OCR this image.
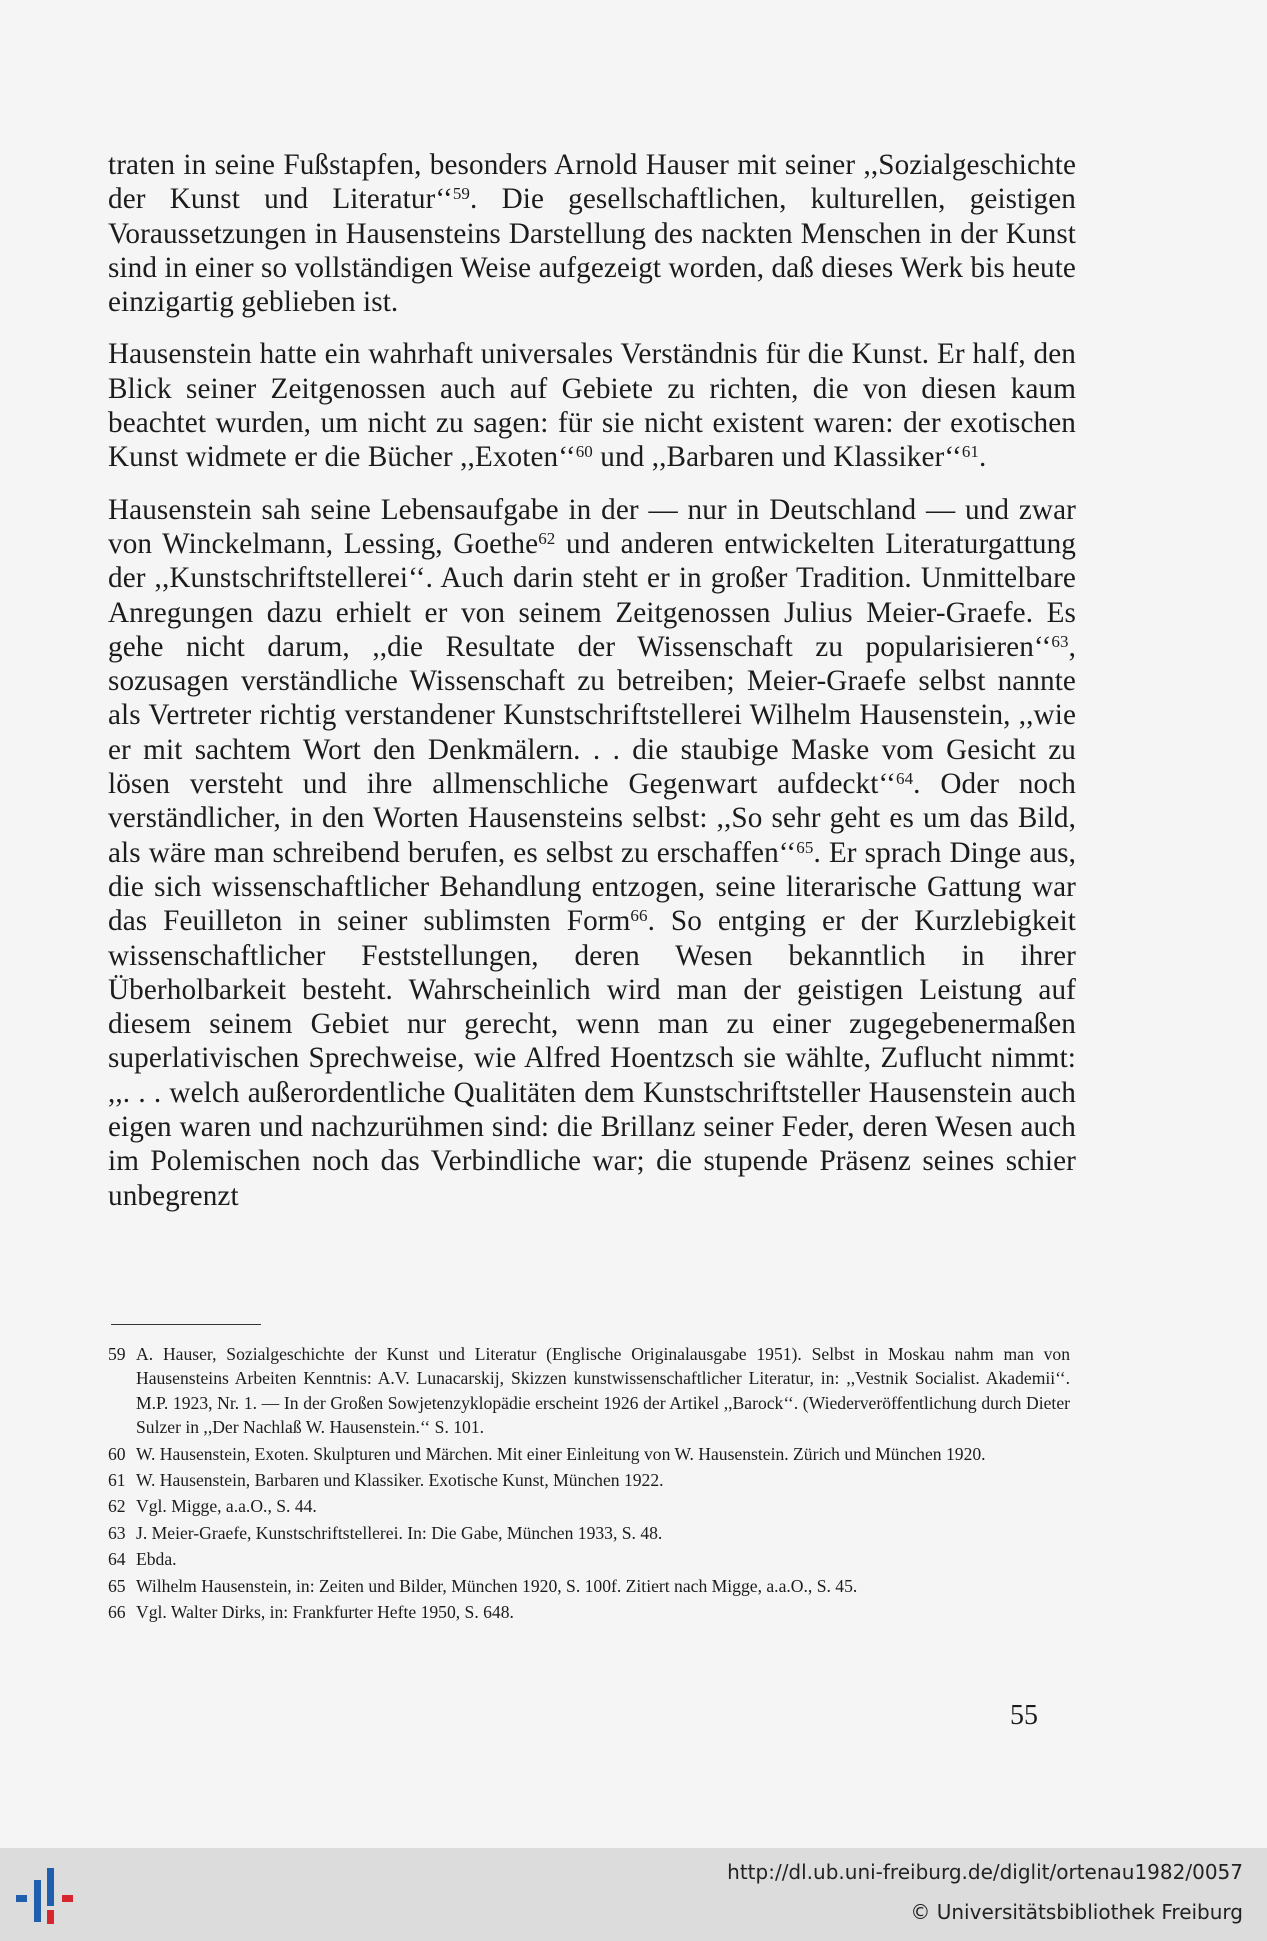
traten in seine Fußstapfen, besonders Arnold Hauser mit seiner ,,Sozialgeschichte der Kunst und Literatur‘‘$^{59}$. Die gesellschaftlichen, kulturellen, geistigen Voraussetzungen in Hausensteins Darstellung des nackten Menschen in der Kunst sind in einer so vollständigen Weise aufgezeigt worden, daß dieses Werk bis heute einzigartig geblieben ist.

Hausenstein hatte ein wahrhaft universales Verständnis für die Kunst. Er half, den Blick seiner Zeitgenossen auch auf Gebiete zu richten, die von diesen kaum beachtet wurden, um nicht zu sagen: für sie nicht existent waren: der exotischen Kunst widmete er die Bücher ,,Exoten‘‘$^{60}$ und ,,Barbaren und Klassiker‘‘$^{61}$.

Hausenstein sah seine Lebensaufgabe in der — nur in Deutschland — und zwar von Winckelmann, Lessing, Goethe$^{62}$ und anderen entwickelten Literaturgattung der ,,Kunstschriftstellerei‘‘. Auch darin steht er in großer Tradition. Unmittelbare Anregungen dazu erhielt er von seinem Zeitgenossen Julius Meier-Graefe. Es gehe nicht darum, ,,die Resultate der Wissenschaft zu popularisieren‘‘$^{63}$, sozusagen verständliche Wissenschaft zu betreiben; Meier-Graefe selbst nannte als Vertreter richtig verstandener Kunstschriftstellerei Wilhelm Hausenstein, ,,wie er mit sachtem Wort den Denkmälern. . . die staubige Maske vom Gesicht zu lösen versteht und ihre allmenschliche Gegenwart aufdeckt‘‘$^{64}$. Oder noch verständlicher, in den Worten Hausensteins selbst: ,,So sehr geht es um das Bild, als wäre man schreibend berufen, es selbst zu erschaffen‘‘$^{65}$. Er sprach Dinge aus, die sich wissenschaftlicher Behandlung entzogen, seine literarische Gattung war das Feuilleton in seiner sublimsten Form$^{66}$. So entging er der Kurzlebigkeit wissenschaftlicher Feststellungen, deren Wesen bekanntlich in ihrer Überholbarkeit besteht. Wahrscheinlich wird man der geistigen Leistung auf diesem seinem Gebiet nur gerecht, wenn man zu einer zugegebenermaßen superlativischen Sprechweise, wie Alfred Hoentzsch sie wählte, Zuflucht nimmt: ,,. . . welch außerordentliche Qualitäten dem Kunstschriftsteller Hausenstein auch eigen waren und nachzurühmen sind: die Brillanz seiner Feder, deren Wesen auch im Polemischen noch das Verbindliche war; die stupende Präsenz seines schier unbegrenzt

59 A. Hauser, Sozialgeschichte der Kunst und Literatur (Englische Originalausgabe 1951). Selbst in Moskau nahm man von Hausensteins Arbeiten Kenntnis: A.V. Lunacarskij, Skizzen kunstwissenschaftlicher Literatur, in: ,,Vestnik Socialist. Akademii‘‘. M.P. 1923, Nr. 1. — In der Großen Sowjetenzyklopädie erscheint 1926 der Artikel ,,Barock‘‘. (Wiederveröffentlichung durch Dieter Sulzer in ,,Der Nachlaß W. Hausenstein.‘‘ S. 101.
60 W. Hausenstein, Exoten. Skulpturen und Märchen. Mit einer Einleitung von W. Hausenstein. Zürich und München 1920.
61 W. Hausenstein, Barbaren und Klassiker. Exotische Kunst, München 1922.
62 Vgl. Migge, a.a.O., S. 44.
63 J. Meier-Graefe, Kunstschriftstellerei. In: Die Gabe, München 1933, S. 48.
64 Ebda.
65 Wilhelm Hausenstein, in: Zeiten und Bilder, München 1920, S. 100f. Zitiert nach Migge, a.a.O., S. 45.
66 Vgl. Walter Dirks, in: Frankfurter Hefte 1950, S. 648.
55
http://dl.ub.uni-freiburg.de/diglit/ortenau1982/0057
© Universitätsbibliothek Freiburg
